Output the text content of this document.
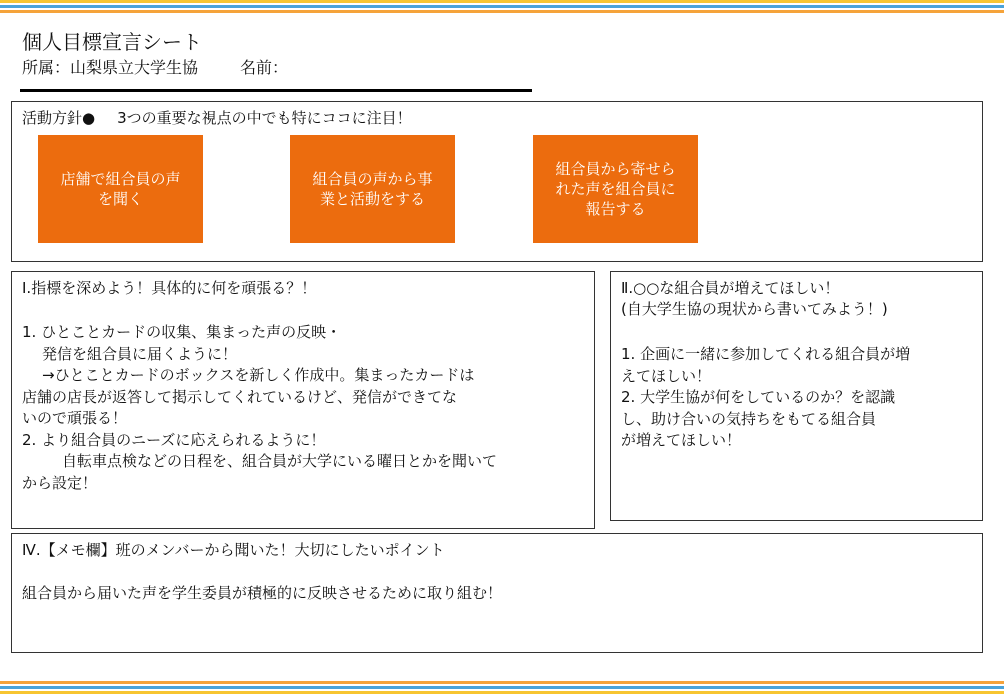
個人目標宣言シート
所属：山梨県立大学生協	名前：
活動方針● 3つの重要な視点の中でも特にココに注目！
店舗で組合員の声
を聞く
組合員の声から事
業と活動をする
組合員から寄せら
れた声を組合員に
報告する
Ⅰ.指標を深めよう！具体的に何を頑張る？！
1. ひとことカードの収集、集まった声の反映・
発信を組合員に届くように！
→ひとことカードのボックスを新しく作成中。集まったカードは
店舗の店長が返答して掲示してくれているけど、発信ができてな
いので頑張る！
2. より組合員のニーズに応えられるように！
自転車点検などの日程を、組合員が大学にいる曜日とかを聞いて
から設定！
Ⅱ.○○な組合員が増えてほしい！
(自大学生協の現状から書いてみよう！)
1. 企画に一緒に参加してくれる組合員が増
えてほしい！
2. 大学生協が何をしているのか？を認識
し、助け合いの気持ちをもてる組合員
が増えてほしい！
Ⅳ.【メモ欄】班のメンバーから聞いた！大切にしたいポイント
組合員から届いた声を学生委員が積極的に反映させるために取り組む！
